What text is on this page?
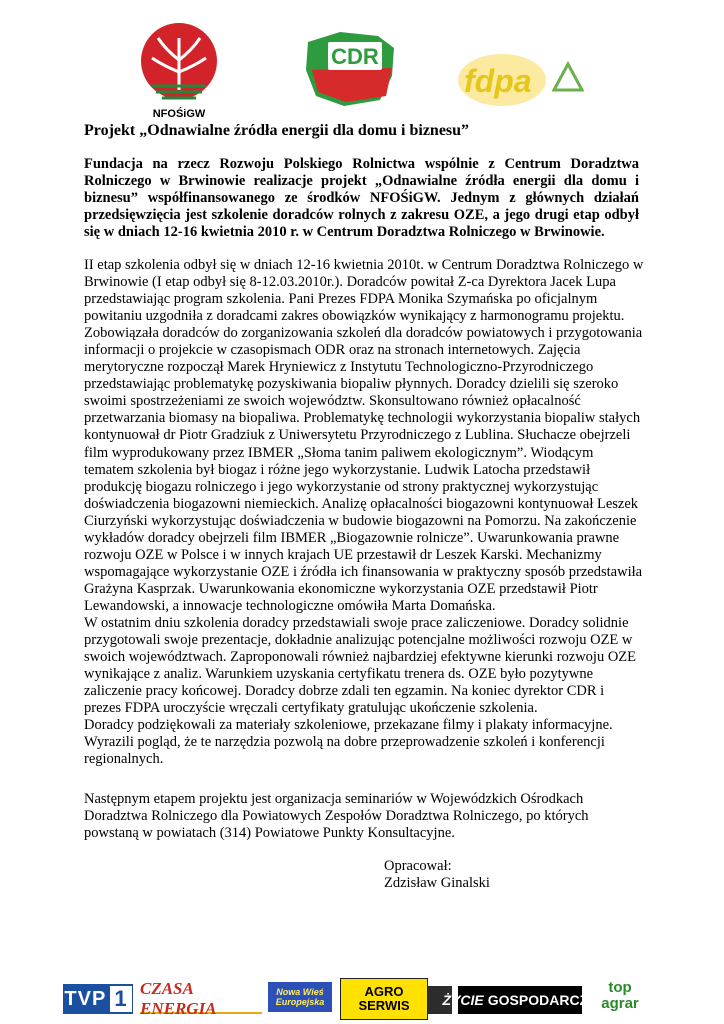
NFOŚiGW
CDR
fdpa
Projekt „Odnawialne źródła energii dla domu i biznesu”

Fundacja na rzecz Rozwoju Polskiego Rolnictwa wspólnie z Centrum Doradztwa Rolniczego w Brwinowie realizacje projekt „Odnawialne źródła energii dla domu i biznesu” współfinansowanego ze środków NFOŚiGW. Jednym z głównych działań przedsięwzięcia jest szkolenie doradców rolnych z zakresu OZE, a jego drugi etap odbył się w dniach 12-16 kwietnia 2010 r. w Centrum Doradztwa Rolniczego w Brwinowie.

II etap szkolenia odbył się w dniach 12-16 kwietnia 2010t. w Centrum Doradztwa Rolniczego w Brwinowie (I etap odbył się 8-12.03.2010r.). Doradców powitał Z-ca Dyrektora Jacek Lupa przedstawiając program szkolenia. Pani Prezes FDPA Monika Szymańska po oficjalnym powitaniu uzgodniła z doradcami zakres obowiązków wynikający z harmonogramu projektu. Zobowiązała doradców do zorganizowania szkoleń dla doradców powiatowych i przygotowania informacji o projekcie w czasopismach ODR oraz na stronach internetowych. Zajęcia merytoryczne rozpoczął Marek Hryniewicz z Instytutu Technologiczno-Przyrodniczego przedstawiając problematykę pozyskiwania biopaliw płynnych. Doradcy dzielili się szeroko swoimi spostrzeżeniami ze swoich województw. Skonsultowano również opłacalność przetwarzania biomasy na biopaliwa. Problematykę technologii wykorzystania biopaliw stałych kontynuował dr Piotr Gradziuk z Uniwersytetu Przyrodniczego z Lublina. Słuchacze obejrzeli film wyprodukowany przez IBMER „Słoma tanim paliwem ekologicznym”. Wiodącym tematem szkolenia był biogaz i różne jego wykorzystanie. Ludwik Latocha przedstawił produkcję biogazu rolniczego i jego wykorzystanie od strony praktycznej wykorzystując doświadczenia biogazowni niemieckich. Analizę opłacalności biogazowni kontynuował Leszek Ciurzyński wykorzystując doświadczenia w budowie biogazowni na Pomorzu. Na zakończenie wykładów doradcy obejrzeli film IBMER „Biogazownie rolnicze”. Uwarunkowania prawne rozwoju OZE w Polsce i w innych krajach UE przestawił dr Leszek Karski. Mechanizmy wspomagające wykorzystanie OZE i źródła ich finansowania w praktyczny sposób przedstawiła Grażyna Kasprzak. Uwarunkowania ekonomiczne wykorzystania OZE przedstawił Piotr Lewandowski, a innowacje technologiczne omówiła Marta Domańska.

W ostatnim dniu szkolenia doradcy przedstawiali swoje prace zaliczeniowe. Doradcy solidnie przygotowali swoje prezentacje, dokładnie analizując potencjalne możliwości rozwoju OZE w swoich województwach. Zaproponowali również najbardziej efektywne kierunki rozwoju OZE wynikające z analiz. Warunkiem uzyskania certyfikatu trenera ds. OZE było pozytywne zaliczenie pracy końcowej. Doradcy dobrze zdali ten egzamin. Na koniec dyrektor CDR i prezes FDPA uroczyście wręczali certyfikaty gratulując ukończenie szkolenia.

Doradcy podziękowali za materiały szkoleniowe, przekazane filmy i plakaty informacyjne. Wyrazili pogląd, że te narzędzia pozwolą na dobre przeprowadzenie szkoleń i konferencji regionalnych.

Następnym etapem projektu jest organizacja seminariów w Wojewódzkich Ośrodkach Doradztwa Rolniczego dla Powiatowych Zespołów Doradztwa Rolniczego, po których powstaną w powiatach (314) Powiatowe Punkty Konsultacyjne.

Opracował:
Zdzisław Ginalski
TVP 1 CZASA ENERGIA
Nowa Wieś
Europejska
AGRO
SERWIS ŻYCIE GOSPODARCZE
top
agrar
